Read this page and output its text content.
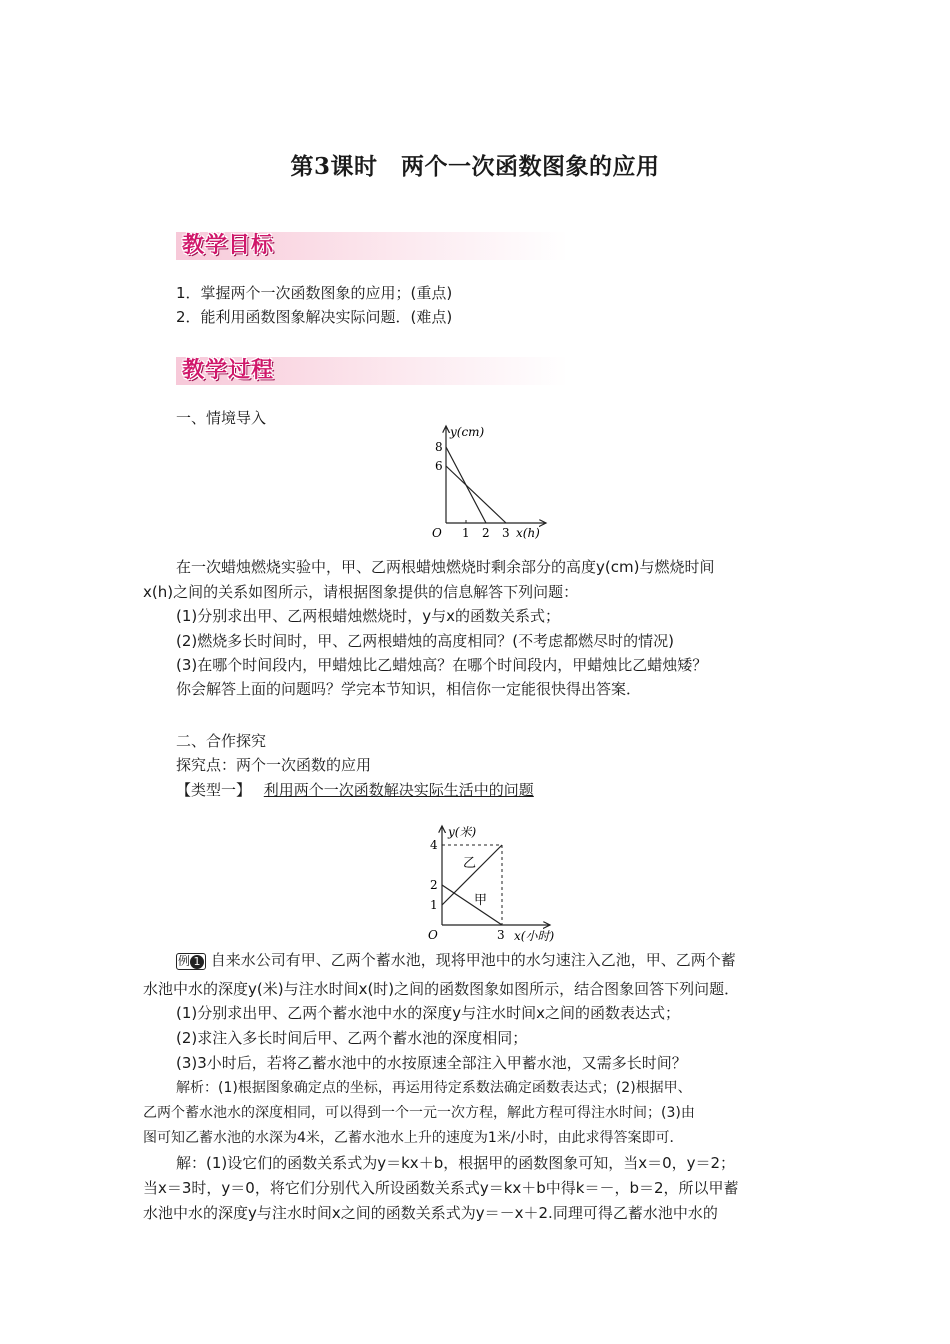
第3课时　两个一次函数图象的应用
教学目标
1．掌握两个一次函数图象的应用；(重点)
2．能利用函数图象解决实际问题．(难点)
教学过程
一、情境导入
y(cm)
x(h)
O
8
6
1 2 3
在一次蜡烛燃烧实验中，甲、乙两根蜡烛燃烧时剩余部分的高度y(cm)与燃烧时间
x(h)之间的关系如图所示，请根据图象提供的信息解答下列问题：
(1)分别求出甲、乙两根蜡烛燃烧时，y与x的函数关系式；
(2)燃烧多长时间时，甲、乙两根蜡烛的高度相同？(不考虑都燃尽时的情况)
(3)在哪个时间段内，甲蜡烛比乙蜡烛高？在哪个时间段内，甲蜡烛比乙蜡烛矮？
你会解答上面的问题吗？学完本节知识，相信你一定能很快得出答案．
二、合作探究
探究点：两个一次函数的应用
【类型一】 利用两个一次函数解决实际生活中的问题
y(米)
x(小时)
O
4
2
1
3
乙
甲
例 1 自来水公司有甲、乙两个蓄水池，现将甲池中的水匀速注入乙池，甲、乙两个蓄
水池中水的深度y(米)与注水时间x(时)之间的函数图象如图所示，结合图象回答下列问题．
(1)分别求出甲、乙两个蓄水池中水的深度y与注水时间x之间的函数表达式；
(2)求注入多长时间后甲、乙两个蓄水池的深度相同；
(3)3小时后，若将乙蓄水池中的水按原速全部注入甲蓄水池，又需多长时间？
解析：(1)根据图象确定点的坐标，再运用待定系数法确定函数表达式；(2)根据甲、
乙两个蓄水池水的深度相同，可以得到一个一元一次方程，解此方程可得注水时间；(3)由
图可知乙蓄水池的水深为4米，乙蓄水池水上升的速度为1米/小时，由此求得答案即可．
解：(1)设它们的函数关系式为y＝kx＋b，根据甲的函数图象可知，当x＝0，y＝2；
当x＝3时，y＝0，将它们分别代入所设函数关系式y＝kx＋b中得k＝－，b＝2，所以甲蓄
水池中水的深度y与注水时间x之间的函数关系式为y＝－x＋2.同理可得乙蓄水池中水的
